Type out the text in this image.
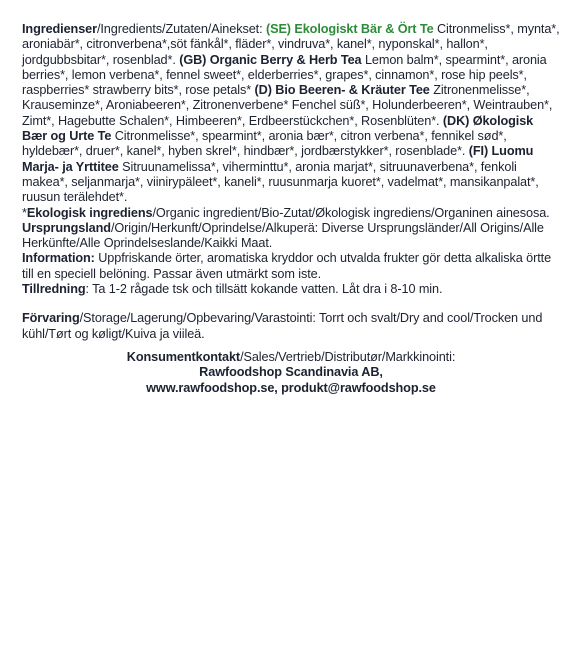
Ingredienser/Ingredients/Zutaten/Ainekset: (SE) Ekologiskt Bär & Ört Te Citronmeliss*, mynta*, aroniabär*, citronverbena*,söt fänkål*, fläder*, vindruva*, kanel*, nyponskal*, hallon*, jordgubbsbitar*, rosenblad*. (GB) Organic Berry & Herb Tea Lemon balm*, spearmint*, aronia berries*, lemon verbena*, fennel sweet*, elderberries*, grapes*, cinnamon*, rose hip peels*, raspberries* strawberry bits*, rose petals* (D) Bio Beeren- & Kräuter Tee Zitronenmelisse*, Krauseminze*, Aroniabeeren*, Zitronenverbene* Fenchel süß*, Holunderbeeren*, Weintrauben*, Zimt*, Hagebutte Schalen*, Himbeeren*, Erdbeerstückchen*, Rosenblüten*. (DK) Økologisk Bær og Urte Te Citronmelisse*, spearmint*, aronia bær*, citron verbena*, fennikel sød*, hyldebær*, druer*, kanel*, hyben skrel*, hindbær*, jordbærstykker*, rosenblade*. (FI) Luomu Marja- ja Yrttitee Sitruunamelissa*, viherminttu*, aronia marjat*, sitruunaverbena*, fenkoli makea*, seljanmarja*, viinirypäleet*, kaneli*, ruusunmarja kuoret*, vadelmat*, mansikanpalat*, ruusun terälehdet*.

*Ekologisk ingrediens/Organic ingredient/Bio-Zutat/Økologisk ingrediens/Organinen ainesosa.

Ursprungsland/Origin/Herkunft/Oprindelse/Alkuperä: Diverse Ursprungsländer/All Origins/Alle Herkünfte/Alle Oprindelseslande/Kaikki Maat.

Information: Uppfriskande örter, aromatiska kryddor och utvalda frukter gör detta alkaliska örtte till en speciell belöning. Passar även utmärkt som iste.

Tillredning: Ta 1-2 rågade tsk och tillsätt kokande vatten. Låt dra i 8-10 min.

Förvaring/Storage/Lagerung/Opbevaring/Varastointi: Torrt och svalt/Dry and cool/Trocken und kühl/Tørt og køligt/Kuiva ja viileä.

Konsumentkontakt/Sales/Vertrieb/Distributør/Markkinointi:
Rawfoodshop Scandinavia AB,
www.rawfoodshop.se, produkt@rawfoodshop.se
